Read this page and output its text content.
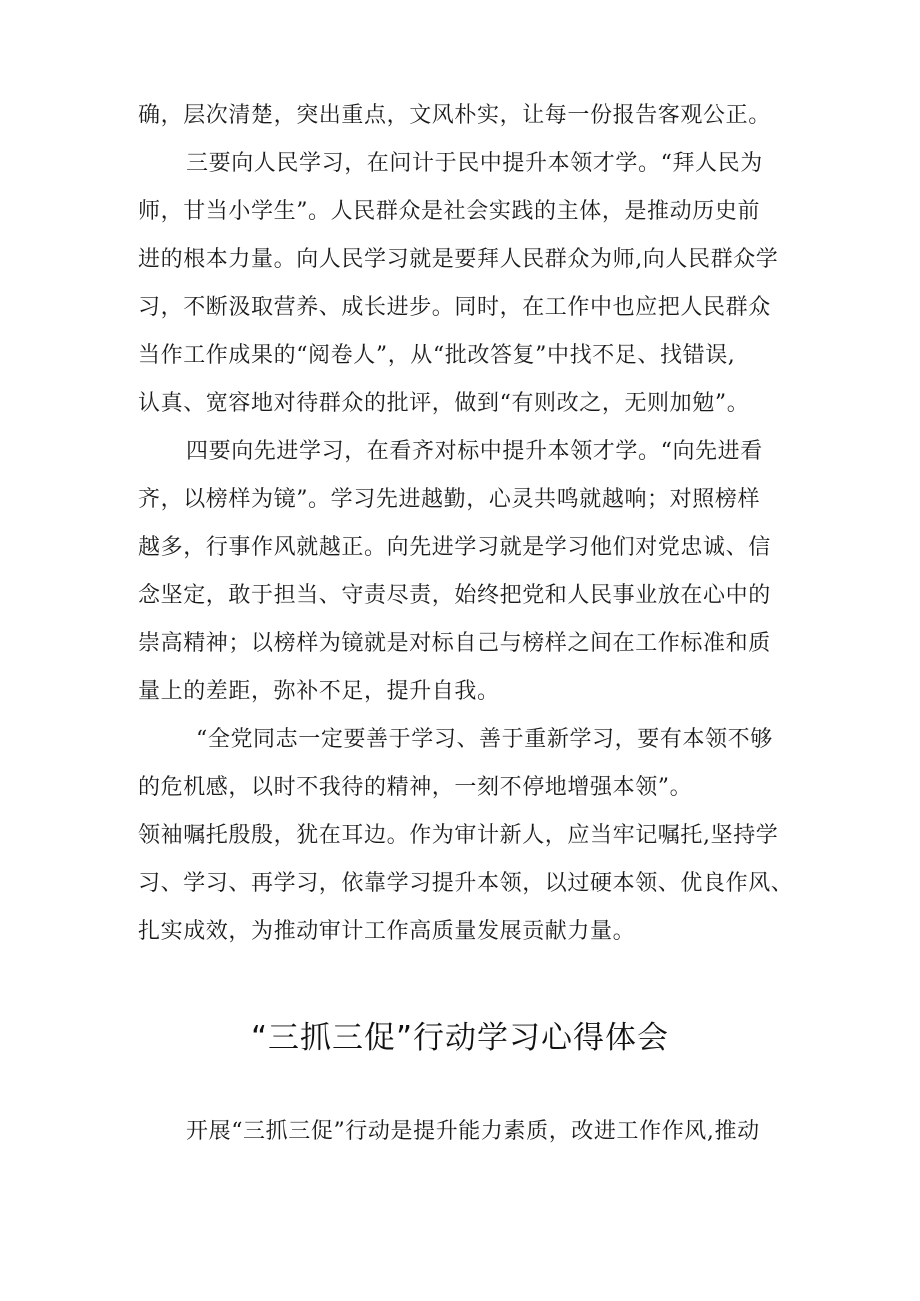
确，层次清楚，突出重点，文风朴实，让每一份报告客观公正。
三要向人民学习，在问计于民中提升本领才学。“拜人民为
师，甘当小学生”。人民群众是社会实践的主体，是推动历史前
进的根本力量。向人民学习就是要拜人民群众为师,向人民群众学
习，不断汲取营养、成长进步。同时，在工作中也应把人民群众
当作工作成果的“阅卷人”，从“批改答复”中找不足、找错误,
认真、宽容地对待群众的批评，做到“有则改之，无则加勉”。
四要向先进学习，在看齐对标中提升本领才学。“向先进看
齐，以榜样为镜”。学习先进越勤，心灵共鸣就越响；对照榜样
越多，行事作风就越正。向先进学习就是学习他们对党忠诚、信
念坚定，敢于担当、守责尽责，始终把党和人民事业放在心中的
崇高精神；以榜样为镜就是对标自己与榜样之间在工作标准和质
量上的差距，弥补不足，提升自我。
“全党同志一定要善于学习、善于重新学习，要有本领不够
的危机感，以时不我待的精神，一刻不停地增强本领”。
领袖嘱托殷殷，犹在耳边。作为审计新人，应当牢记嘱托,坚持学
习、学习、再学习，依靠学习提升本领，以过硬本领、优良作风、
扎实成效，为推动审计工作高质量发展贡献力量。
“三抓三促”行动学习心得体会
开展“三抓三促”行动是提升能力素质，改进工作作风,推动
